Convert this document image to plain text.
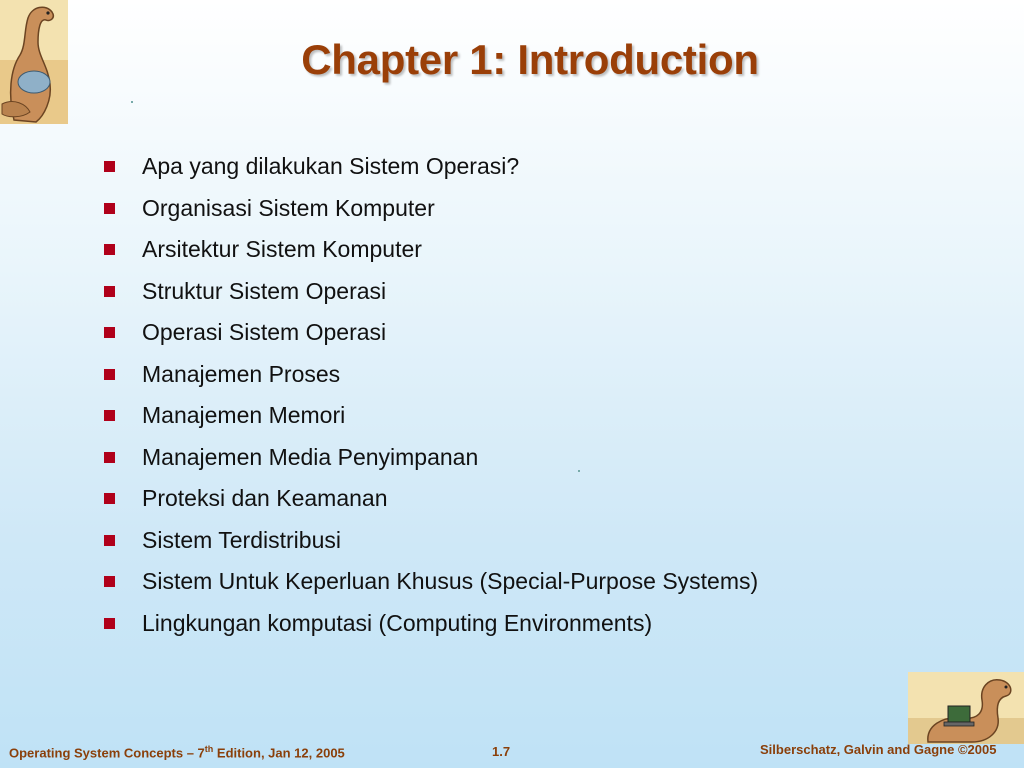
Chapter 1: Introduction
Apa yang dilakukan Sistem Operasi?
Organisasi Sistem Komputer
Arsitektur Sistem Komputer
Struktur Sistem Operasi
Operasi Sistem Operasi
Manajemen Proses
Manajemen Memori
Manajemen Media Penyimpanan
Proteksi dan Keamanan
Sistem Terdistribusi
Sistem Untuk Keperluan Khusus (Special-Purpose Systems)
Lingkungan komputasi (Computing Environments)
Operating System Concepts – 7th Edition, Jan 12, 2005	1.7	Silberschatz, Galvin and Gagne ©2005
